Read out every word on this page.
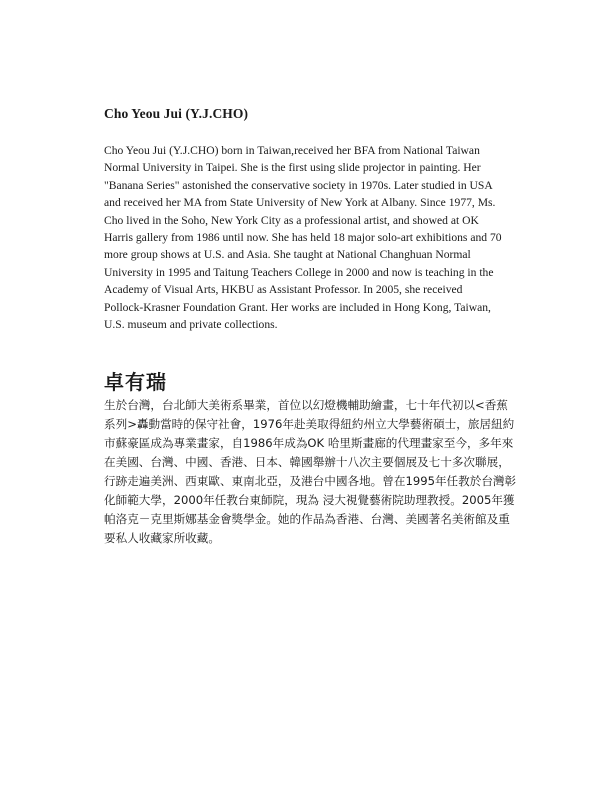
Cho Yeou Jui (Y.J.CHO)

Cho Yeou Jui (Y.J.CHO) born in Taiwan,received her BFA from National Taiwan
Normal University in Taipei. She is the first using slide projector in painting. Her
"Banana Series" astonished the conservative society in 1970s. Later studied in USA
and received her MA from State University of New York at Albany. Since 1977, Ms.
Cho lived in the Soho, New York City as a professional artist, and showed at OK
Harris gallery from 1986 until now. She has held 18 major solo-art exhibitions and 70
more group shows at U.S. and Asia. She taught at National Changhuan Normal
University in 1995 and Taitung Teachers College in 2000 and now is teaching in the
Academy of Visual Arts, HKBU as Assistant Professor. In 2005, she received
Pollock-Krasner Foundation Grant. Her works are included in Hong Kong, Taiwan,
U.S. museum and private collections.

卓有瑞

生於台灣，台北師大美術系畢業，首位以幻燈機輔助繪畫，七十年代初以<香蕉
系列>轟動當時的保守社會，1976年赴美取得紐約州立大學藝術碩士，旅居紐約
市蘇豪區成為專業畫家，自1986年成為OK 哈里斯畫廊的代理畫家至今，多年來
在美國、台灣、中國、香港、日本、韓國舉辦十八次主要個展及七十多次聯展，
行跡走遍美洲、西東歐、東南北亞，及港台中國各地。曾在1995年任教於台灣彰
化師範大學，2000年任教台東師院，現為 浸大視覺藝術院助理教授。2005年獲
帕洛克－克里斯娜基金會獎學金。她的作品為香港、台灣、美國著名美術館及重
要私人收藏家所收藏。
